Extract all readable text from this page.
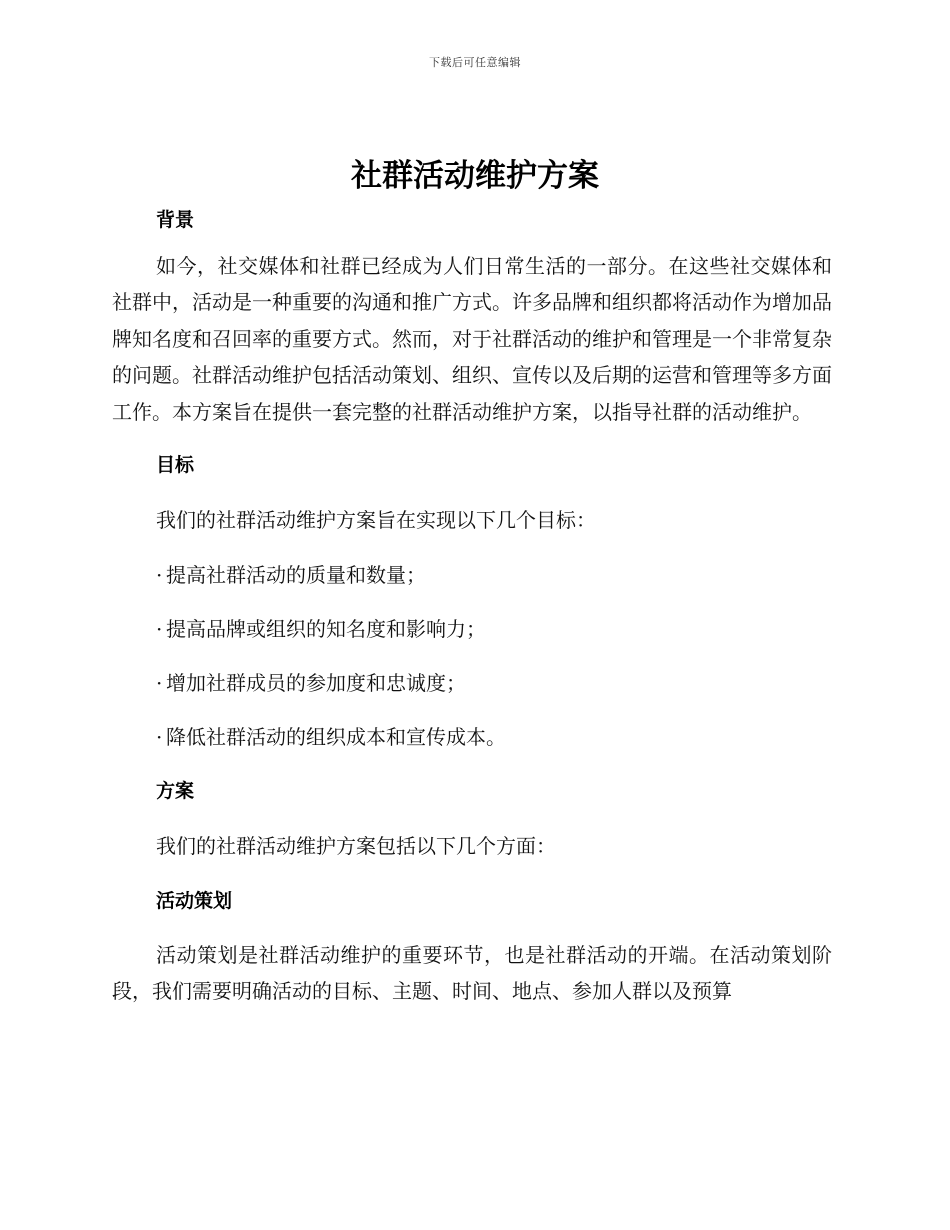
下载后可任意编辑
社群活动维护方案

背景

如今，社交媒体和社群已经成为人们日常生活的一部分。在这些社交媒体和社群中，活动是一种重要的沟通和推广方式。许多品牌和组织都将活动作为增加品牌知名度和召回率的重要方式。然而，对于社群活动的维护和管理是一个非常复杂的问题。社群活动维护包括活动策划、组织、宣传以及后期的运营和管理等多方面工作。本方案旨在提供一套完整的社群活动维护方案，以指导社群的活动维护。

目标

我们的社群活动维护方案旨在实现以下几个目标：

· 提高社群活动的质量和数量；

· 提高品牌或组织的知名度和影响力；

· 增加社群成员的参加度和忠诚度；

· 降低社群活动的组织成本和宣传成本。

方案

我们的社群活动维护方案包括以下几个方面：

活动策划

活动策划是社群活动维护的重要环节，也是社群活动的开端。在活动策划阶段，我们需要明确活动的目标、主题、时间、地点、参加人群以及预算
